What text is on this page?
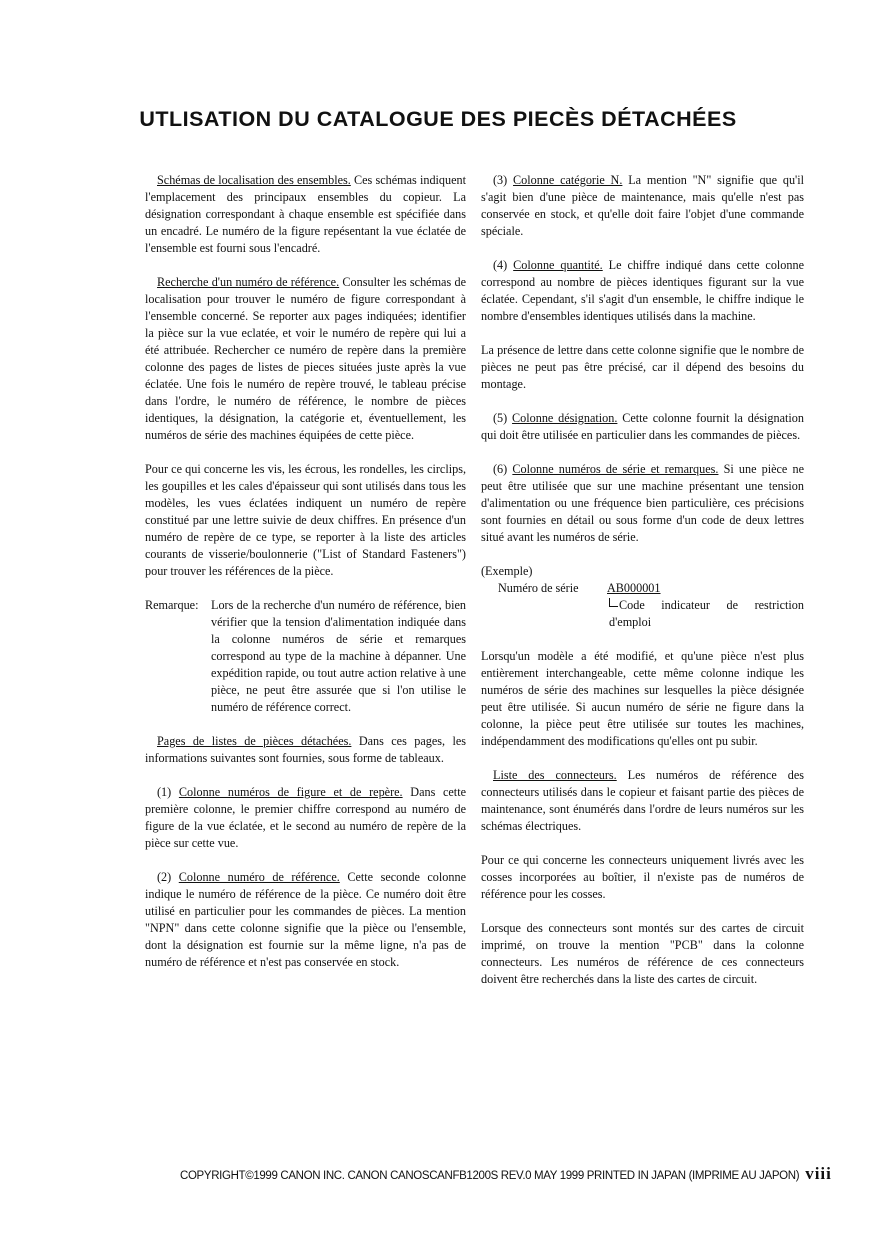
UTLISATION DU CATALOGUE DES PIECÈS DÉTACHÉES

Schémas de localisation des ensembles. Ces schémas indiquent l'emplacement des principaux ensembles du copieur. La désignation correspondant à chaque ensemble est spécifiée dans un encadré. Le numéro de la figure repésentant la vue éclatée de l'ensemble est fourni sous l'encadré.

Recherche d'un numéro de référence. Consulter les schémas de localisation pour trouver le numéro de figure correspondant à l'ensemble concerné. Se reporter aux pages indiquées; identifier la pièce sur la vue eclatée, et voir le numéro de repère qui lui a été attribuée. Rechercher ce numéro de repère dans la première colonne des pages de listes de pieces situées juste après la vue éclatée. Une fois le numéro de repère trouvé, le tableau précise dans l'ordre, le numéro de référence, le nombre de pièces identiques, la désignation, la catégorie et, éventuellement, les numéros de série des machines équipées de cette pièce.

Pour ce qui concerne les vis, les écrous, les rondelles, les circlips, les goupilles et les cales d'épaisseur qui sont utilisés dans tous les modèles, les vues éclatées indiquent un numéro de repère constitué par une lettre suivie de deux chiffres. En présence d'un numéro de repère de ce type, se reporter à la liste des articles courants de visserie/boulonnerie ("List of Standard Fasteners") pour trouver les références de la pièce.

Remarque:	Lors de la recherche d'un numéro de référence, bien vérifier que la tension d'alimentation indiquée dans la colonne numéros de série et remarques correspond au type de la machine à dépanner. Une expédition rapide, ou tout autre action relative à une pièce, ne peut être assurée que si l'on utilise le numéro de référence correct.

Pages de listes de pièces détachées. Dans ces pages, les informations suivantes sont fournies, sous forme de tableaux.

(1) Colonne numéros de figure et de repère. Dans cette première colonne, le premier chiffre correspond au numéro de figure de la vue éclatée, et le second au numéro de repère de la pièce sur cette vue.

(2) Colonne numéro de référence. Cette seconde colonne indique le numéro de référence de la pièce. Ce numéro doit être utilisé en particulier pour les commandes de pièces. La mention "NPN" dans cette colonne signifie que la pièce ou l'ensemble, dont la désignation est fournie sur la même ligne, n'a pas de numéro de référence et n'est pas conservée en stock.

(3) Colonne catégorie N. La mention "N" signifie que qu'il s'agit bien d'une pièce de maintenance, mais qu'elle n'est pas conservée en stock, et qu'elle doit faire l'objet d'une commande spéciale.

(4) Colonne quantité. Le chiffre indiqué dans cette colonne correspond au nombre de pièces identiques figurant sur la vue éclatée. Cependant, s'il s'agit d'un ensemble, le chiffre indique le nombre d'ensembles identiques utilisés dans la machine.

La présence de lettre dans cette colonne signifie que le nombre de pièces ne peut pas être précisé, car il dépend des besoins du montage.

(5) Colonne désignation. Cette colonne fournit la désignation qui doit être utilisée en particulier dans les commandes de pièces.

(6) Colonne numéros de série et remarques. Si une pièce ne peut être utilisée que sur une machine présentant une tension d'alimentation ou une fréquence bien particulière, ces précisions sont fournies en détail ou sous forme d'un code de deux lettres situé avant les numéros de série.

(Exemple)

Numéro de série	AB000001
Code indicateur de restriction d'emploi

Lorsqu'un modèle a été modifié, et qu'une pièce n'est plus entièrement interchangeable, cette même colonne indique les numéros de série des machines sur lesquelles la pièce désignée peut être utilisée. Si aucun numéro de série ne figure dans la colonne, la pièce peut être utilisée sur toutes les machines, indépendamment des modifications qu'elles ont pu subir.

Liste des connecteurs. Les numéros de référence des connecteurs utilisés dans le copieur et faisant partie des pièces de maintenance, sont énumérés dans l'ordre de leurs numéros sur les schémas électriques.

Pour ce qui concerne les connecteurs uniquement livrés avec les cosses incorporées au boîtier, il n'existe pas de numéros de référence pour les cosses.

Lorsque des connecteurs sont montés sur des cartes de circuit imprimé, on trouve la mention "PCB" dans la colonne connecteurs. Les numéros de référence de ces connecteurs doivent être recherchés dans la liste des cartes de circuit.

COPYRIGHT©1999 CANON INC. CANON CANOSCANFB1200S REV.0 MAY 1999 PRINTED IN JAPAN (IMPRIME AU JAPON) viii
